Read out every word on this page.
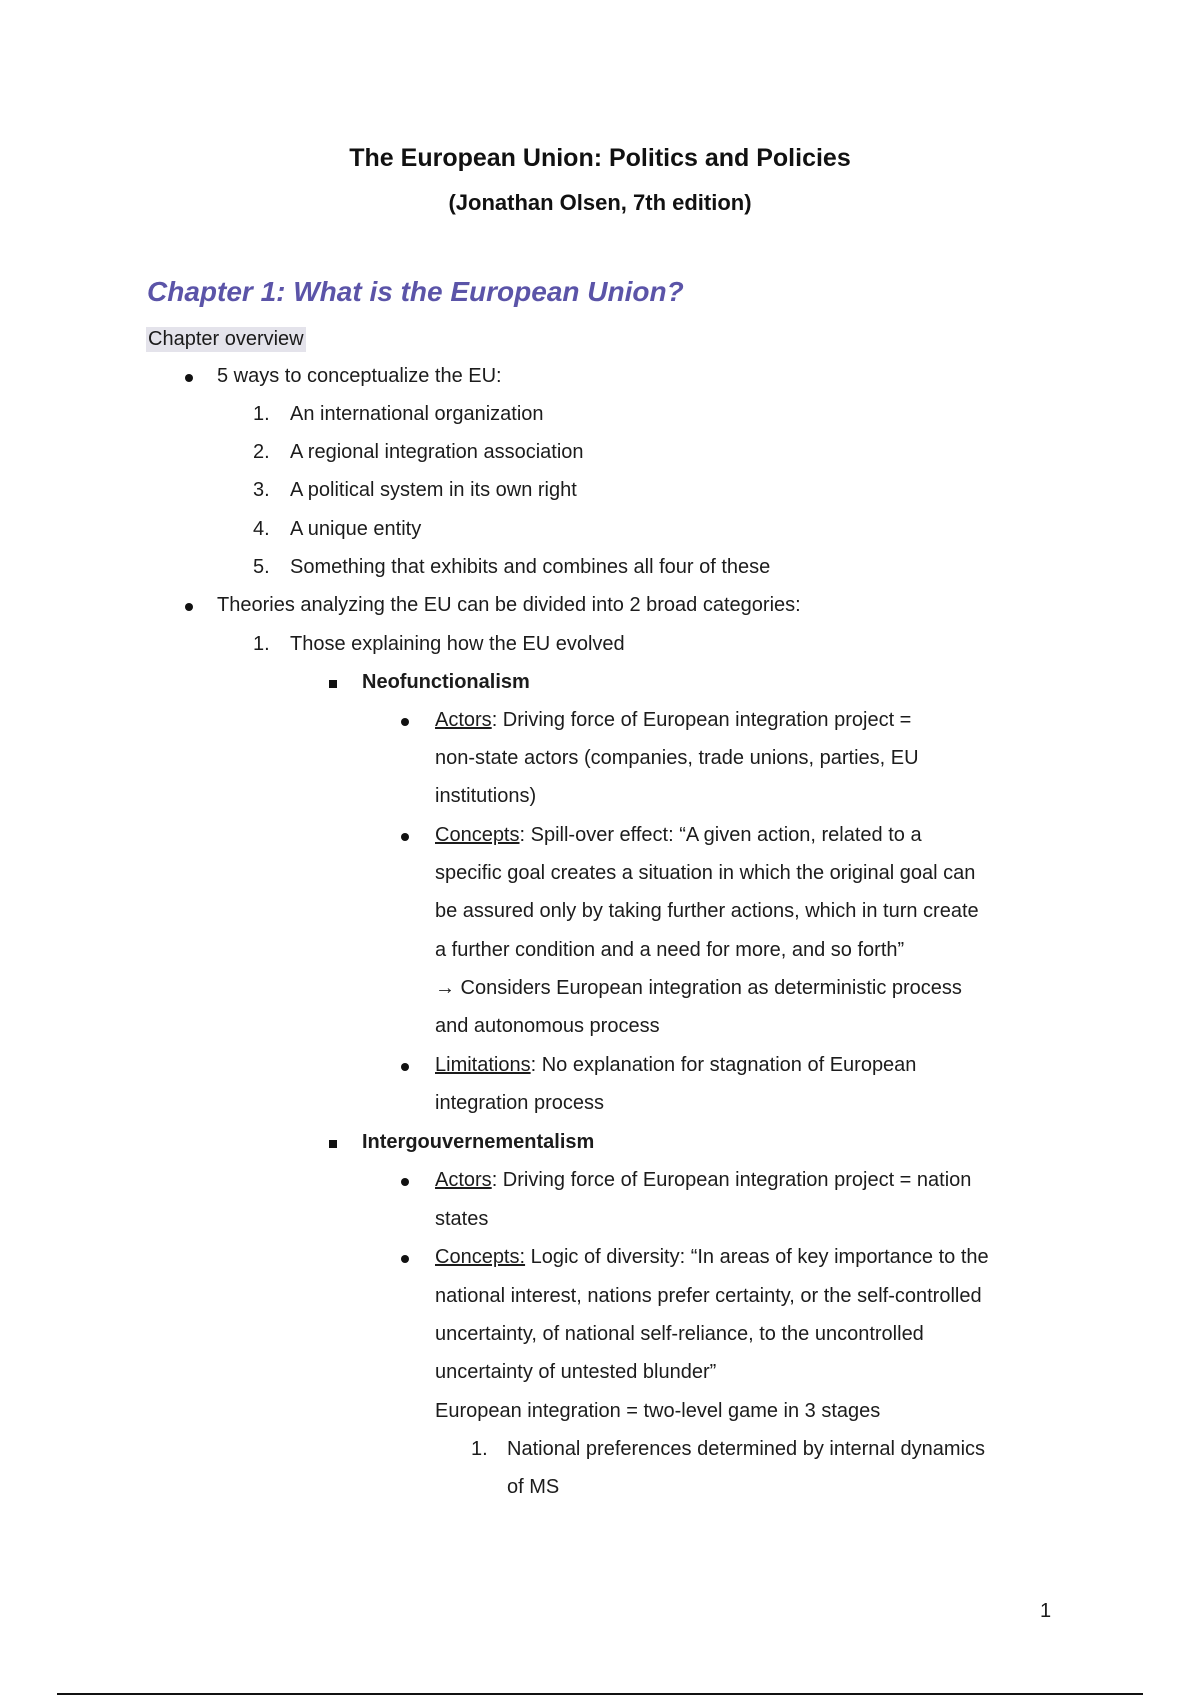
The European Union: Politics and Policies
(Jonathan Olsen, 7th edition)
Chapter 1: What is the European Union?
Chapter overview
5 ways to conceptualize the EU:
1. An international organization
2. A regional integration association
3. A political system in its own right
4. A unique entity
5. Something that exhibits and combines all four of these
Theories analyzing the EU can be divided into 2 broad categories:
1. Those explaining how the EU evolved
Neofunctionalism
Actors: Driving force of European integration project =
non-state actors (companies, trade unions, parties, EU
institutions)
Concepts: Spill-over effect: “A given action, related to a
specific goal creates a situation in which the original goal can
be assured only by taking further actions, which in turn create
a further condition and a need for more, and so forth”
→ Considers European integration as deterministic process
and autonomous process
Limitations: No explanation for stagnation of European
integration process
Intergouvernementalism
Actors: Driving force of European integration project = nation
states
Concepts: Logic of diversity: “In areas of key importance to the
national interest, nations prefer certainty, or the self-controlled
uncertainty, of national self-reliance, to the uncontrolled
uncertainty of untested blunder”
European integration = two-level game in 3 stages
1. National preferences determined by internal dynamics
of MS
1
